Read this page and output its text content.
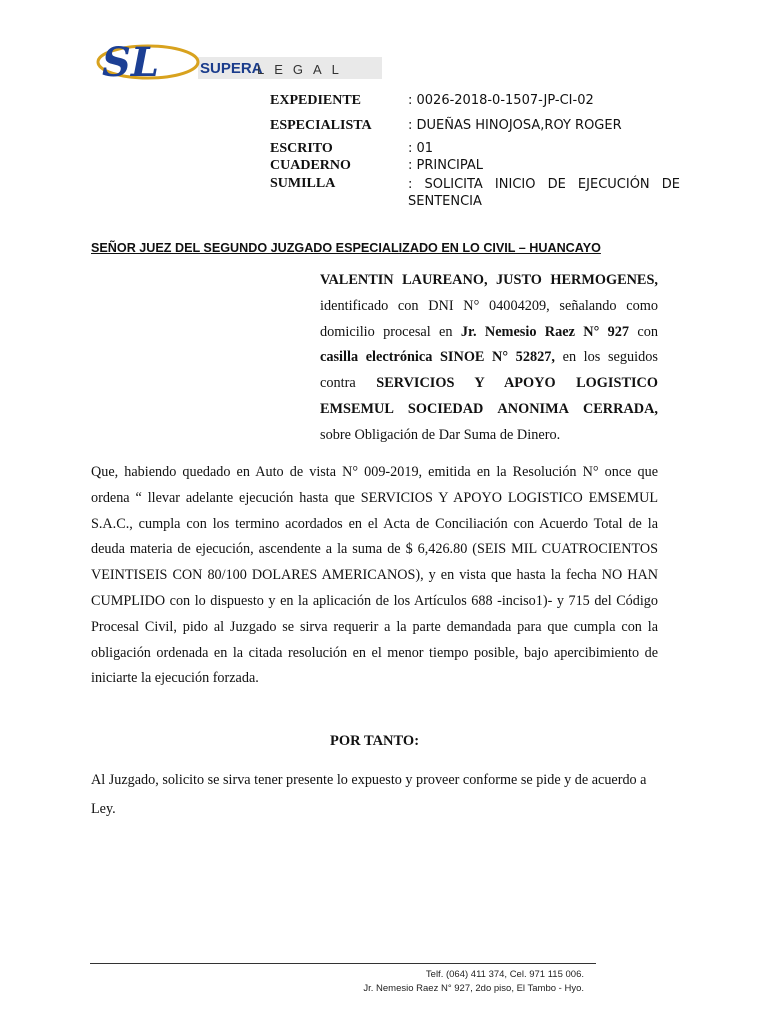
SL	SUPERA
LEGAL
EXPEDIENTE	: 0026-2018-0-1507-JP-CI-02
ESPECIALISTA	: DUEÑAS HINOJOSA,ROY ROGER
ESCRITO	: 01
CUADERNO	: PRINCIPAL
SUMILLA	: SOLICITA INICIO DE EJECUCIÓN DE SENTENCIA
SEÑOR JUEZ DEL SEGUNDO JUZGADO ESPECIALIZADO EN LO CIVIL – HUANCAYO
VALENTIN LAUREANO, JUSTO HERMOGENES, identificado con DNI N° 04004209, señalando como domicilio procesal en Jr. Nemesio Raez N° 927 con casilla electrónica SINOE N° 52827, en los seguidos contra SERVICIOS Y APOYO LOGISTICO EMSEMUL SOCIEDAD ANONIMA CERRADA, sobre Obligación de Dar Suma de Dinero.
Que, habiendo quedado en Auto de vista N° 009-2019, emitida en la Resolución N° once que ordena “ llevar adelante ejecución hasta que SERVICIOS Y APOYO LOGISTICO EMSEMUL S.A.C., cumpla con los termino acordados en el Acta de Conciliación con Acuerdo Total de la deuda materia de ejecución, ascendente a la suma de $ 6,426.80 (SEIS MIL CUATROCIENTOS VEINTISEIS CON 80/100 DOLARES AMERICANOS), y en vista que hasta la fecha NO HAN CUMPLIDO con lo dispuesto y en la aplicación de los Artículos 688 -inciso1)- y 715 del Código Procesal Civil, pido al Juzgado se sirva requerir a la parte demandada para que cumpla con la obligación ordenada en la citada resolución en el menor tiempo posible, bajo apercibimiento de iniciarte la ejecución forzada.
POR TANTO:
Al Juzgado, solicito se sirva tener presente lo expuesto y proveer conforme se pide y de acuerdo a Ley.
Telf. (064) 411 374, Cel. 971 115 006.
Jr. Nemesio Raez N° 927, 2do piso, El Tambo - Hyo.
